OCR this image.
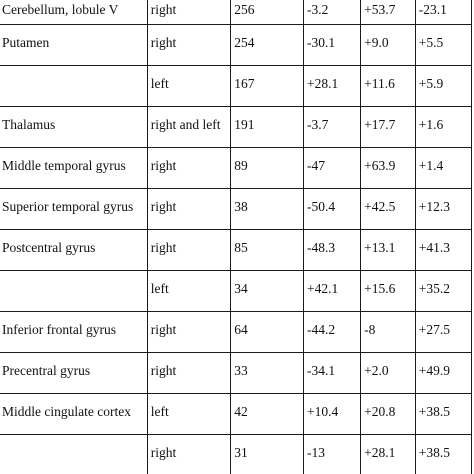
Cerebellum, lobule V	right	256	-3.2	+53.7	-23.1
Putamen	right	254	-30.1	+9.0	+5.5
	left	167	+28.1	+11.6	+5.9
Thalamus	right and left	191	-3.7	+17.7	+1.6
Middle temporal gyrus	right	89	-47	+63.9	+1.4
Superior temporal gyrus	right	38	-50.4	+42.5	+12.3
Postcentral gyrus	right	85	-48.3	+13.1	+41.3
	left	34	+42.1	+15.6	+35.2
Inferior frontal gyrus	right	64	-44.2	-8	+27.5
Precentral gyrus	right	33	-34.1	+2.0	+49.9
Middle cingulate cortex	left	42	+10.4	+20.8	+38.5
	right	31	-13	+28.1	+38.5
